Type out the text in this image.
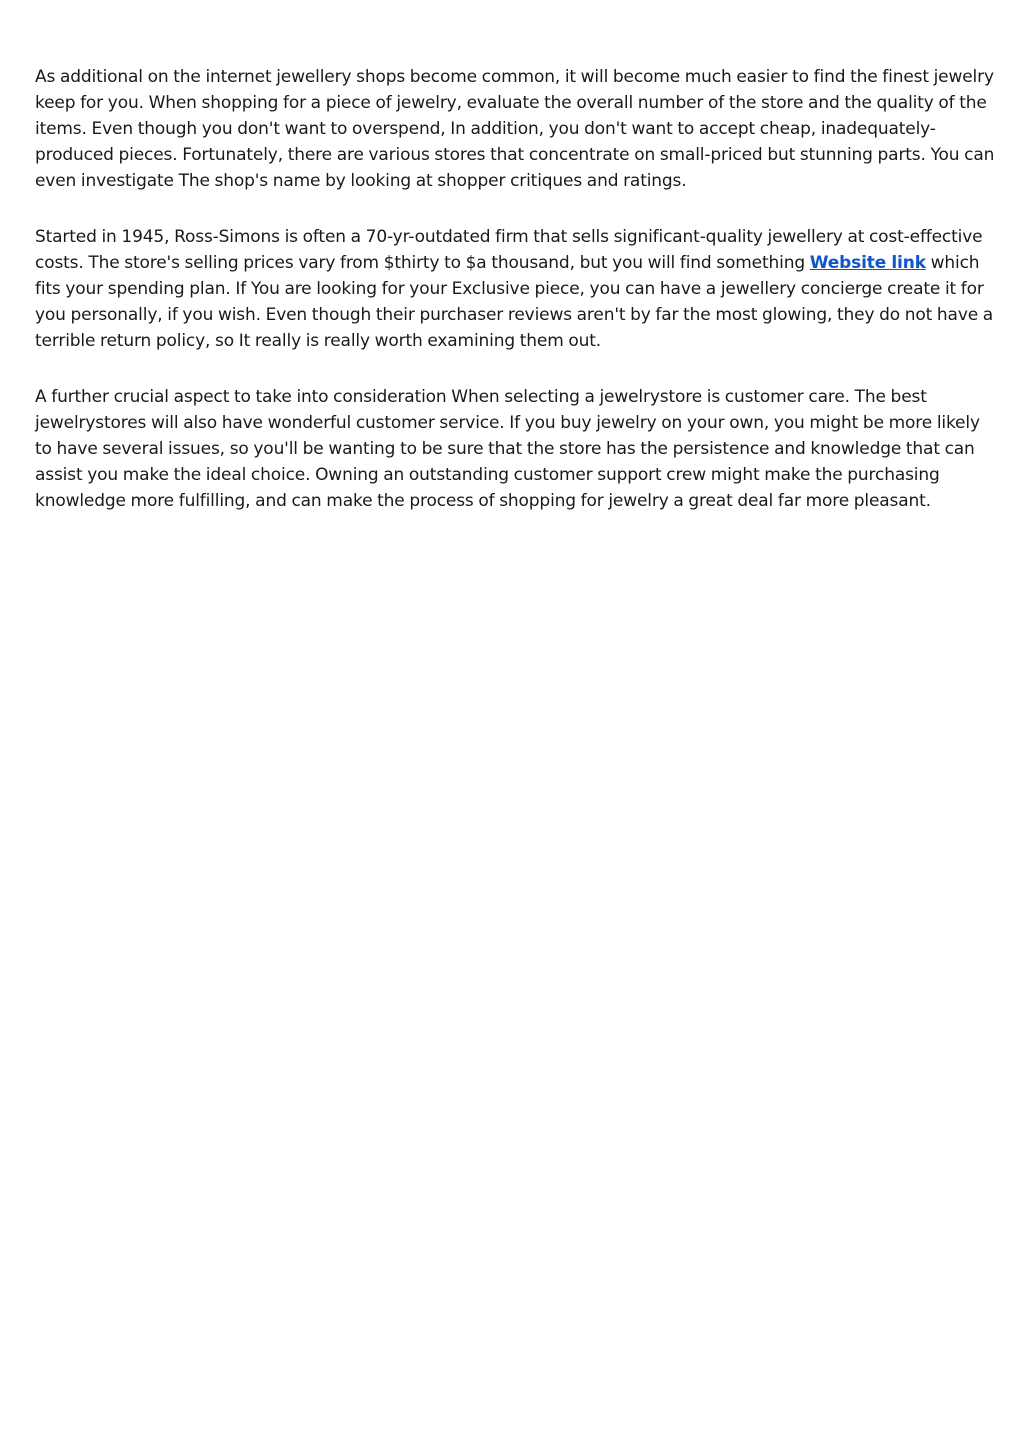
As additional on the internet jewellery shops become common, it will become much easier to find the finest jewelry keep for you. When shopping for a piece of jewelry, evaluate the overall number of the store and the quality of the items. Even though you don't want to overspend, In addition, you don't want to accept cheap, inadequately-produced pieces. Fortunately, there are various stores that concentrate on small-priced but stunning parts. You can even investigate The shop's name by looking at shopper critiques and ratings.

Started in 1945, Ross-Simons is often a 70-yr-outdated firm that sells significant-quality jewellery at cost-effective costs. The store's selling prices vary from $thirty to $a thousand, but you will find something Website link which fits your spending plan. If You are looking for your Exclusive piece, you can have a jewellery concierge create it for you personally, if you wish. Even though their purchaser reviews aren't by far the most glowing, they do not have a terrible return policy, so It really is really worth examining them out.

A further crucial aspect to take into consideration When selecting a jewelrystore is customer care. The best jewelrystores will also have wonderful customer service. If you buy jewelry on your own, you might be more likely to have several issues, so you'll be wanting to be sure that the store has the persistence and knowledge that can assist you make the ideal choice. Owning an outstanding customer support crew might make the purchasing knowledge more fulfilling, and can make the process of shopping for jewelry a great deal far more pleasant.
